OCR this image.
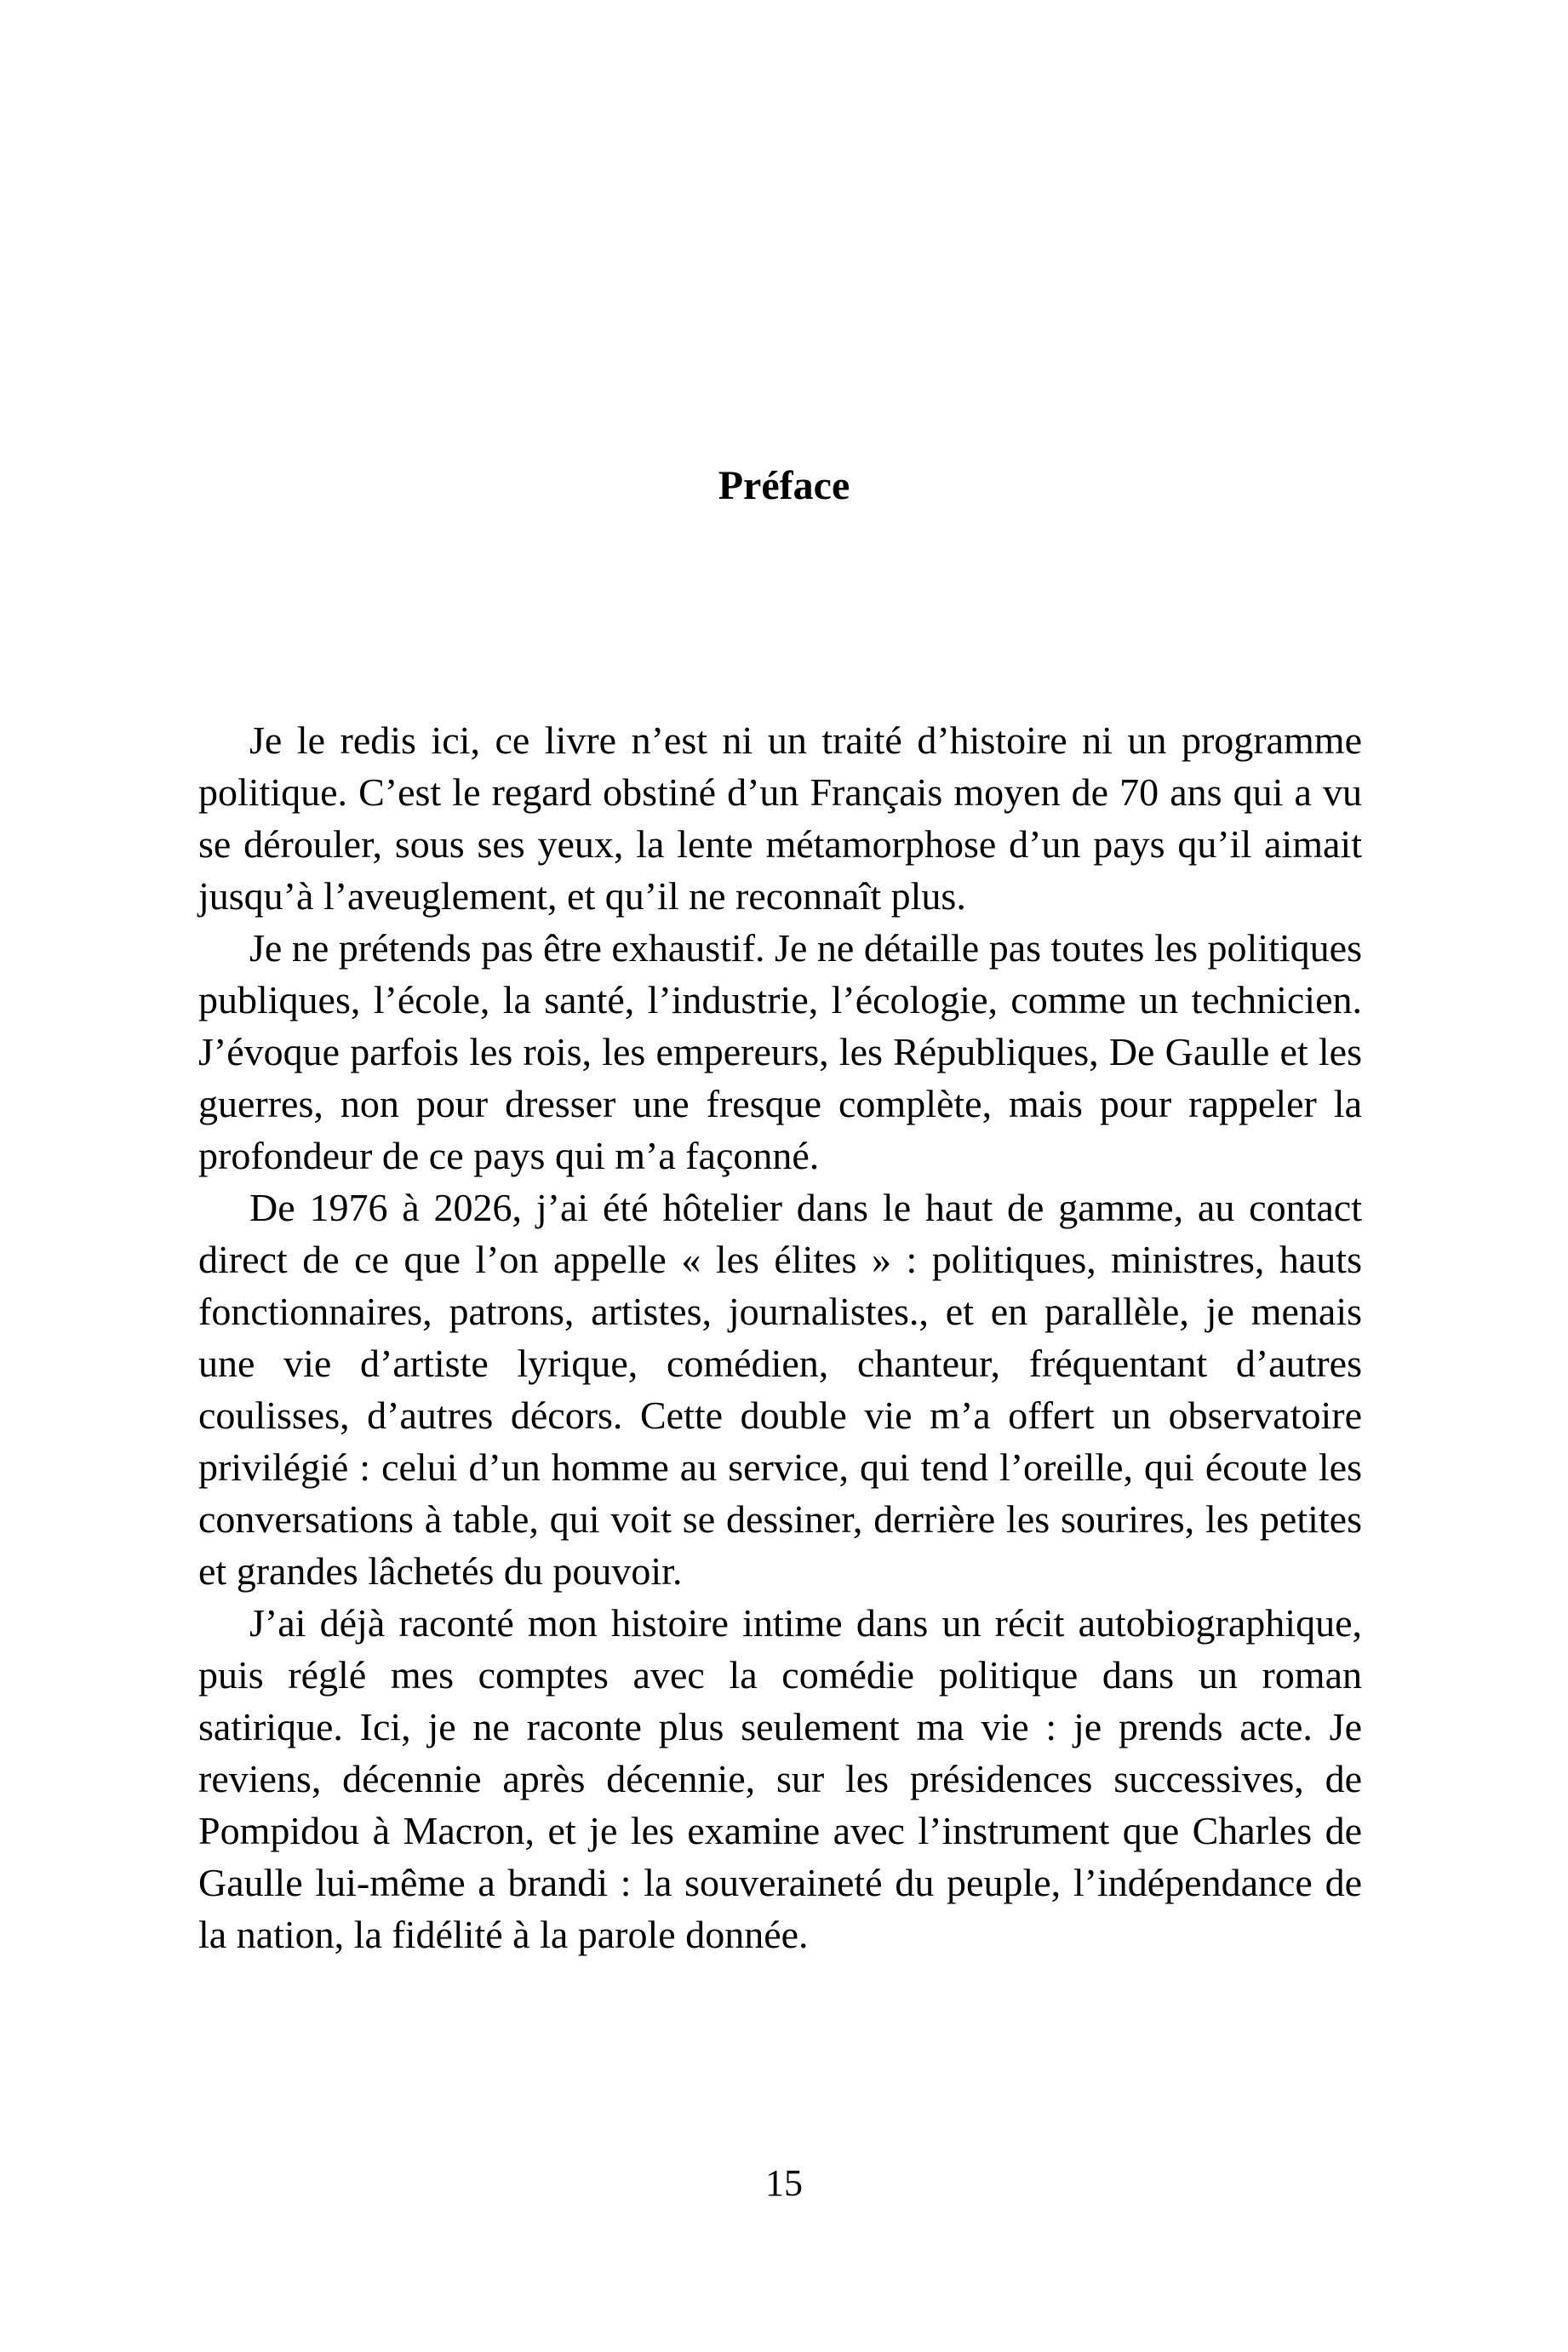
Préface

Je le redis ici, ce livre n’est ni un traité d’histoire ni un programme politique. C’est le regard obstiné d’un Français moyen de 70 ans qui a vu se dérouler, sous ses yeux, la lente métamorphose d’un pays qu’il aimait jusqu’à l’aveuglement, et qu’il ne reconnaît plus.

Je ne prétends pas être exhaustif. Je ne détaille pas toutes les politiques publiques, l’école, la santé, l’industrie, l’écologie, comme un technicien. J’évoque parfois les rois, les empereurs, les Républiques, De Gaulle et les guerres, non pour dresser une fresque complète, mais pour rappeler la profondeur de ce pays qui m’a façonné.

De 1976 à 2026, j’ai été hôtelier dans le haut de gamme, au contact direct de ce que l’on appelle « les élites » : politiques, ministres, hauts fonctionnaires, patrons, artistes, journalistes., et en parallèle, je menais une vie d’artiste lyrique, comédien, chanteur, fréquentant d’autres coulisses, d’autres décors. Cette double vie m’a offert un observatoire privilégié : celui d’un homme au service, qui tend l’oreille, qui écoute les conversations à table, qui voit se dessiner, derrière les sourires, les petites et grandes lâchetés du pouvoir.

J’ai déjà raconté mon histoire intime dans un récit autobiographique, puis réglé mes comptes avec la comédie politique dans un roman satirique. Ici, je ne raconte plus seulement ma vie : je prends acte. Je reviens, décennie après décennie, sur les présidences successives, de Pompidou à Macron, et je les examine avec l’instrument que Charles de Gaulle lui-même a brandi : la souveraineté du peuple, l’indépendance de la nation, la fidélité à la parole donnée.

15
